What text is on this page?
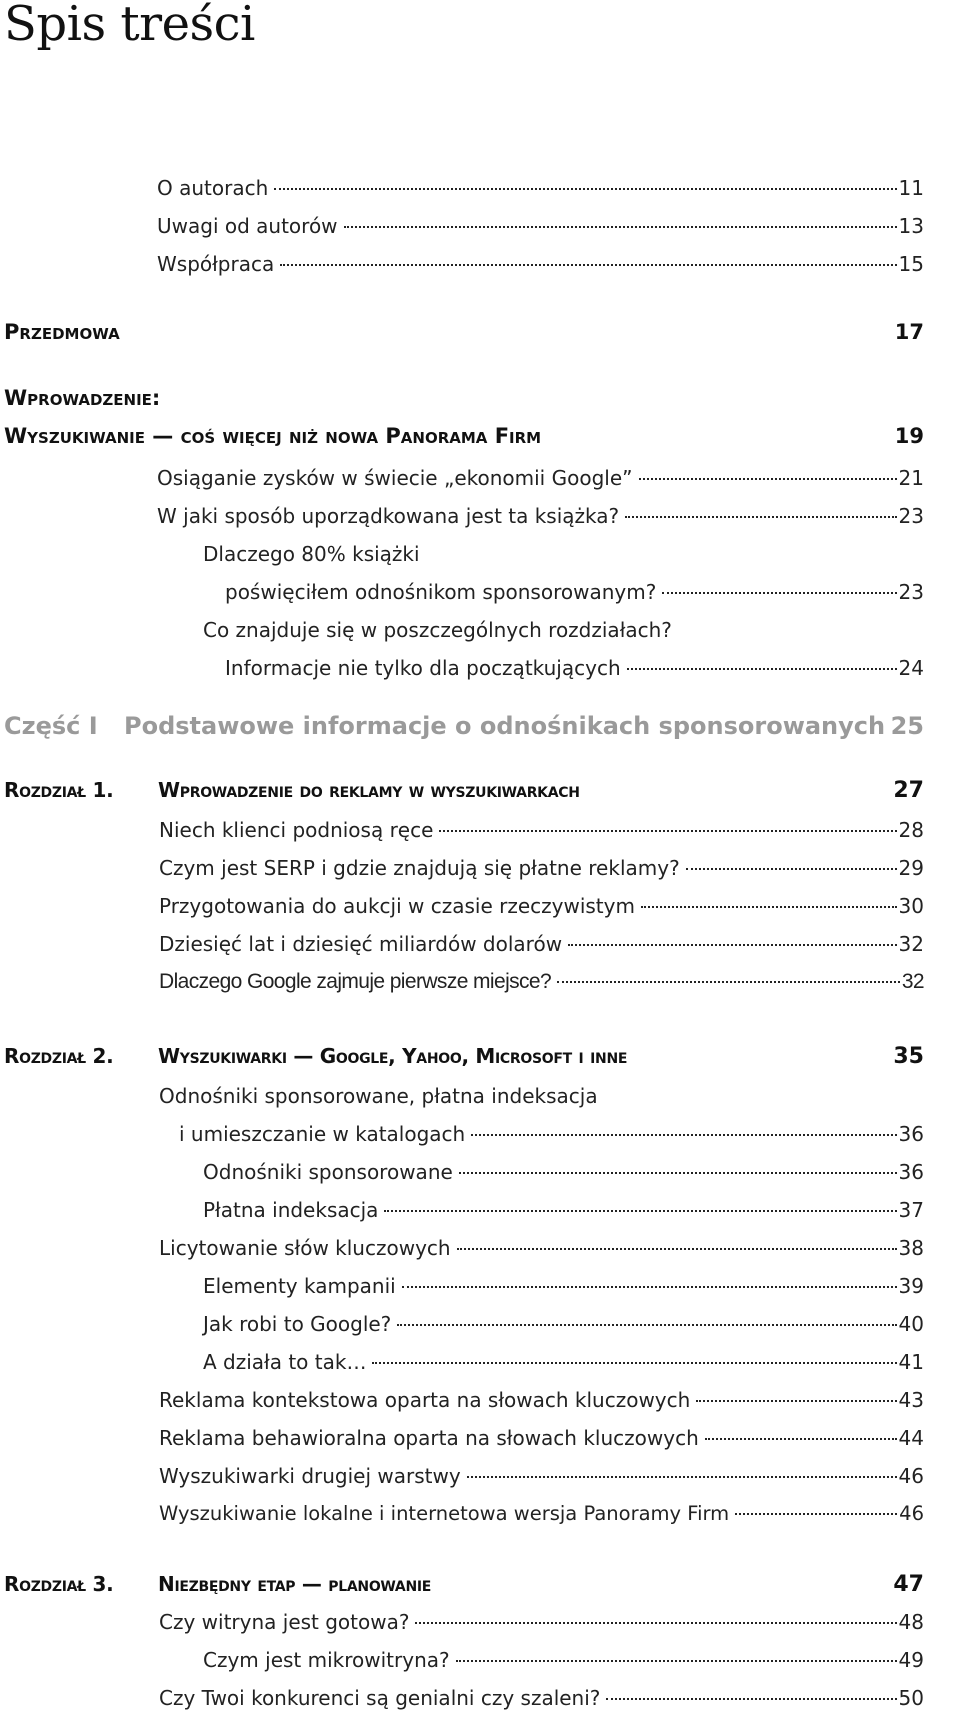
Spis treści
O autorach	11
Uwagi od autorów	13
Współpraca	15
Przedmowa	17
Wprowadzenie:
Wyszukiwanie — coś więcej niż nowa Panorama Firm	19
Osiąganie zysków w świecie „ekonomii Google”	21
W jaki sposób uporządkowana jest ta książka?	23
Dlaczego 80% książki
poświęciłem odnośnikom sponsorowanym?	23
Co znajduje się w poszczególnych rozdziałach?
Informacje nie tylko dla początkujących	24
Część I	Podstawowe informacje o odnośnikach sponsorowanych 25
Rozdział 1.	Wprowadzenie do reklamy w wyszukiwarkach	27
Niech klienci podniosą ręce	28
Czym jest SERP i gdzie znajdują się płatne reklamy?	29
Przygotowania do aukcji w czasie rzeczywistym	30
Dziesięć lat i dziesięć miliardów dolarów	32
Dlaczego Google zajmuje pierwsze miejsce?	32
Rozdział 2.	Wyszukiwarki — Google, Yahoo, Microsoft i inne	35
Odnośniki sponsorowane, płatna indeksacja
i umieszczanie w katalogach	36
Odnośniki sponsorowane	36
Płatna indeksacja	37
Licytowanie słów kluczowych	38
Elementy kampanii	39
Jak robi to Google?	40
A działa to tak…	41
Reklama kontekstowa oparta na słowach kluczowych	43
Reklama behawioralna oparta na słowach kluczowych	44
Wyszukiwarki drugiej warstwy	46
Wyszukiwanie lokalne i internetowa wersja Panoramy Firm	46
Rozdział 3.	Niezbędny etap — planowanie	47
Czy witryna jest gotowa?	48
Czym jest mikrowitryna?	49
Czy Twoi konkurenci są genialni czy szaleni?	50
